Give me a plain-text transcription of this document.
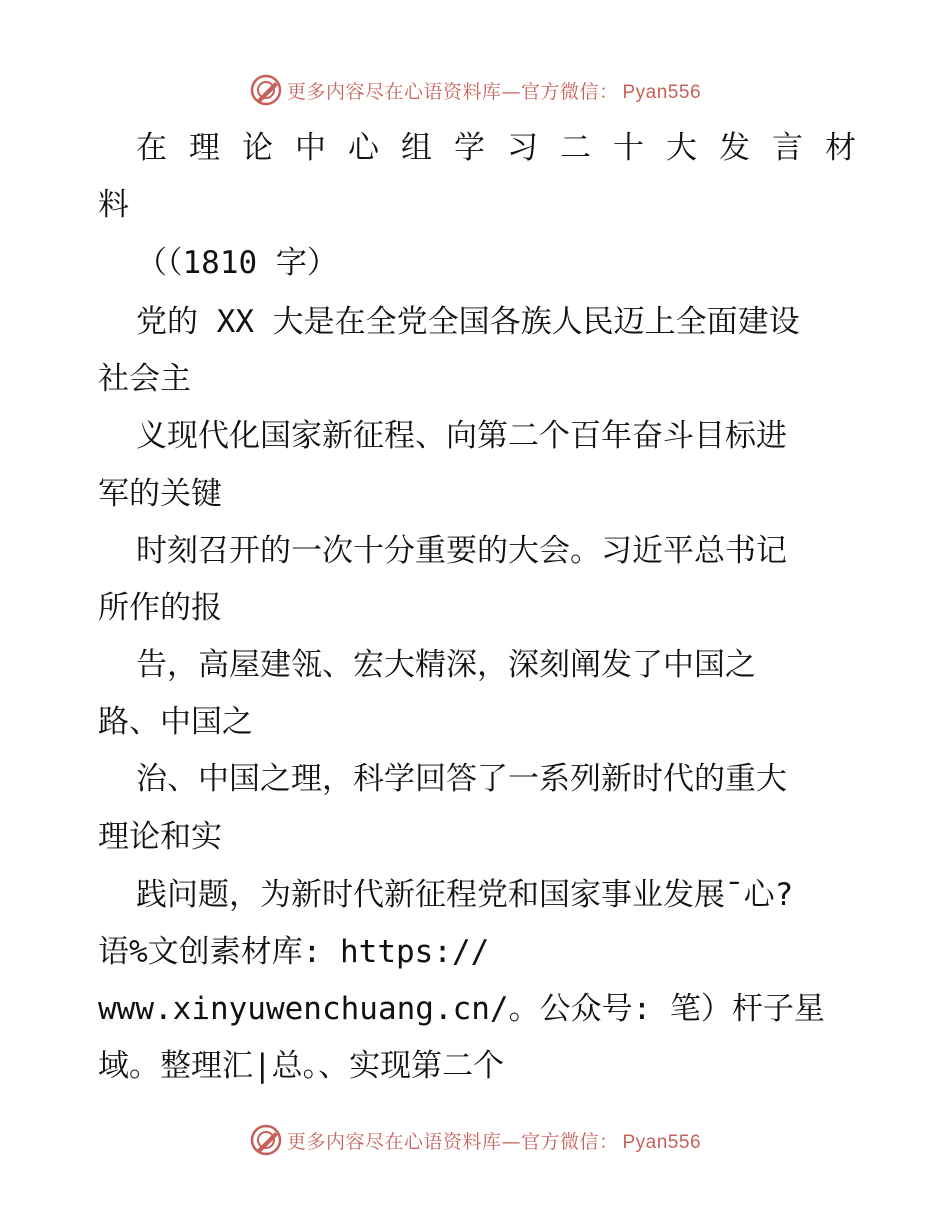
更多内容尽在心语资料库—官方微信： Pyan556
在 理 论 中 心 组 学 习 二 十 大 发 言 材
料
（（1810 字）
党的 XX 大是在全党全国各族人民迈上全面建设
社会主
义现代化国家新征程、向第二个百年奋斗目标进
军的关键
时刻召开的一次十分重要的大会。习近平总书记
所作的报
告，高屋建瓴、宏大精深，深刻阐发了中国之
路、中国之
治、中国之理，科学回答了一系列新时代的重大
理论和实
践问题，为新时代新征程党和国家事业发展¯心?
语%文创素材库: https://
www.xinyuwenchuang.cn/。公众号: 笔）杆子星
域。整理汇|总。、实现第二个
更多内容尽在心语资料库—官方微信： Pyan556
